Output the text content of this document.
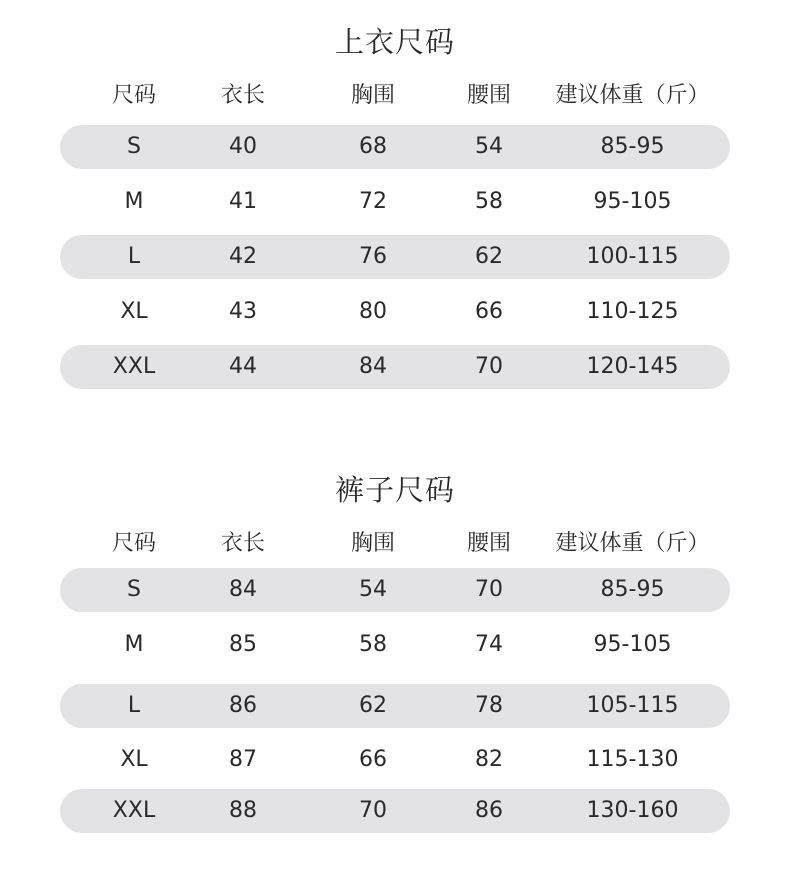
上衣尺码
尺码	衣长	胸围	腰围	建议体重（斤）
S	40	68	54	85-95
M	41	72	58	95-105
L	42	76	62	100-115
XL	43	80	66	110-125
XXL	44	84	70	120-145
裤子尺码
尺码	衣长	胸围	腰围	建议体重（斤）
S	84	54	70	85-95
M	85	58	74	95-105
L	86	62	78	105-115
XL	87	66	82	115-130
XXL	88	70	86	130-160
